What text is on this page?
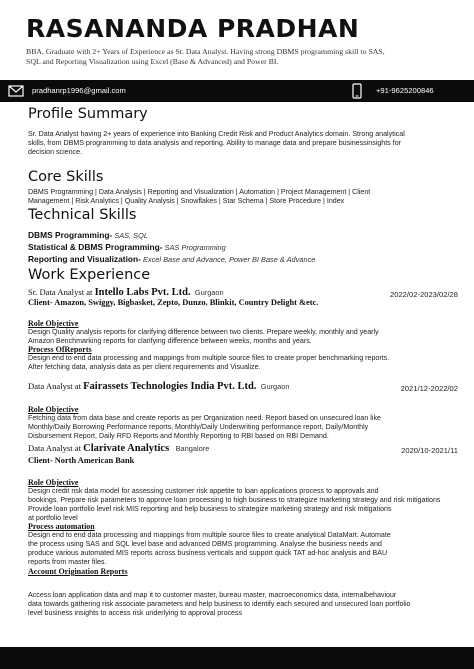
RASANANDA PRADHAN
BBA, Graduate with 2+ Years of Experience as Sr. Data Analyst. Having strong DBMS programming skill to SAS,
SQL and Reporting Visualization using Excel (Base & Advanced) and Power BI.
pradhanrp1996@gmail.com	+91-9625200846
Profile Summary
Sr. Data Analyst having 2+ years of experience into Banking Credit Risk and Product Analytics domain. Strong analytical
skills, from DBMS programming to data analysis and reporting. Ability to manage data and prepare businessinsights for
decision science.
Core Skills
DBMS Programming | Data Analysis | Reporting and Visualization | Automation | Project Management | Client
Management | Risk Analytics | Quality Analysis | Snowflakes | Star Schema | Store Procedure | Index
Technical Skills
DBMS Programming- SAS, SQL
Statistical & DBMS Programming- SAS Programming
Reporting and Visualization- Excel Base and Advance, Power BI Base & Advance
Work Experience
Sr. Data Analyst at Intello Labs Pvt. Ltd. Gurgaon	2022/02-2023/02/28
Client- Amazon, Swiggy, Bigbasket, Zepto, Dunzo, Blinkit, Country Delight &etc.
Role Objective
Design Quality analysis reports for clarifying difference between two clients. Prepare weekly, monthly and yearly
Amazon Benchmarking reports for clarifying difference between weeks, months and years.
Process OfReports
Design end to end data processing and mappings from multiple source files to create proper benchmarking reports.
After fetching data, analysis data as per client requirements and Visualize.
Data Analyst at Fairassets Technologies India Pvt. Ltd. Gurgaon	2021/12-2022/02
Role Objective
Fetching data from data base and create reports as per Organization need. Report based on unsecured loan like
Monthly/Daily Borrowing Performance reports, Monthly/Daily Underwriting performance report, Daily/Monthly
Disbursement Report, Daily RFD Reports and Monthly Reporting to RBI based on RBI Demand.
Data Analyst at Clarivate Analytics Bangalore	2020/10-2021/11
Client- North American Bank
Role Objective
Design credit risk data model for assessing customer risk appetite to loan applications process to approvals and
bookings. Prepare risk parameters to approve loan processing to high business to strategize marketing strategy and risk mitigations
Provide loan portfolio level risk MIS reporting and help business to strategize marketing strategy and risk mitigations
at portfolio level
Process automation
Design end to end data processing and mappings from multiple source files to create analytical DataMart. Automate
the process using SAS and SQL level base and advanced DBMS programming. Analyse the business needs and
produce various automated MIS reports across business verticals and support quick TAT ad-hoc analysis and BAU
reports from master files.
Account Origination Reports
Access loan application data and map it to customer master, bureau master, macroeconomics data, internalbehaviour
data towards gathering risk associate parameters and help business to identify each secured and unsecured loan portfolio
level business insights to access risk underlying to approval process
